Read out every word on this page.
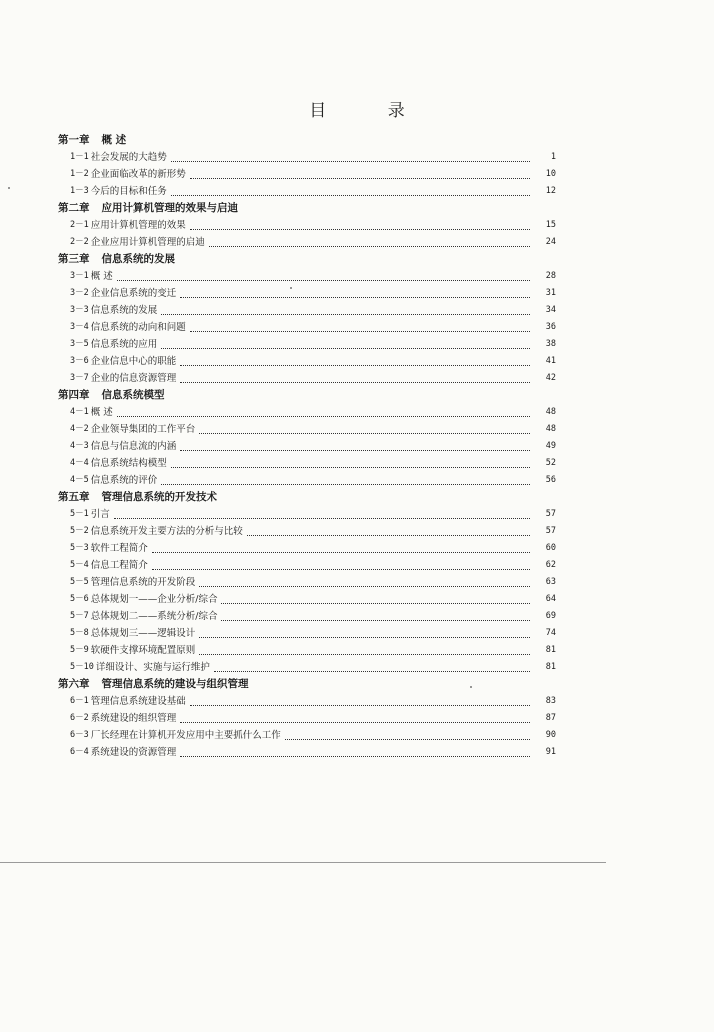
目 录
第一章 概 述
1－1 社会发展的大趋势	1
1－2 企业面临改革的新形势	10
1－3 今后的目标和任务	12
第二章 应用计算机管理的效果与启迪
2－1 应用计算机管理的效果	15
2－2 企业应用计算机管理的启迪	24
第三章 信息系统的发展
3－1 概 述	28
3－2 企业信息系统的变迁	31
3－3 信息系统的发展	34
3－4 信息系统的动向和问题	36
3－5 信息系统的应用	38
3－6 企业信息中心的职能	41
3－7 企业的信息资源管理	42
第四章 信息系统模型
4－1 概 述	48
4－2 企业领导集团的工作平台	48
4－3 信息与信息流的内涵	49
4－4 信息系统结构模型	52
4－5 信息系统的评价	56
第五章 管理信息系统的开发技术
5－1 引言	57
5－2 信息系统开发主要方法的分析与比较	57
5－3 软件工程简介	60
5－4 信息工程简介	62
5－5 管理信息系统的开发阶段	63
5－6 总体规划一——企业分析/综合	64
5－7 总体规划二——系统分析/综合	69
5－8 总体规划三——逻辑设计	74
5－9 软硬件支撑环境配置原则	81
5－10 详细设计、实施与运行维护	81
第六章 管理信息系统的建设与组织管理
6－1 管理信息系统建设基础	83
6－2 系统建设的组织管理	87
6－3 厂长经理在计算机开发应用中主要抓什么工作	90
6－4 系统建设的资源管理	91
